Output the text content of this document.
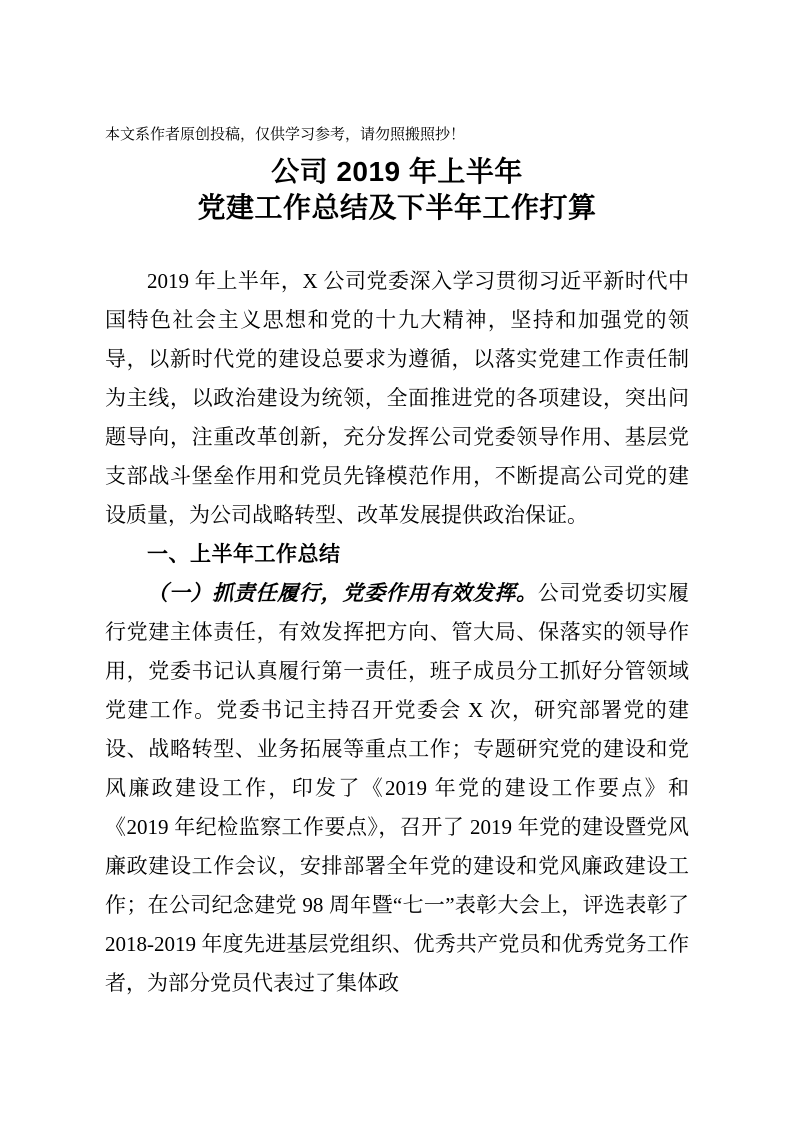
本文系作者原创投稿，仅供学习参考，请勿照搬照抄！

公司 2019 年上半年
党建工作总结及下半年工作打算

2019 年上半年，X 公司党委深入学习贯彻习近平新时代中国特色社会主义思想和党的十九大精神，坚持和加强党的领导，以新时代党的建设总要求为遵循，以落实党建工作责任制为主线，以政治建设为统领，全面推进党的各项建设，突出问题导向，注重改革创新，充分发挥公司党委领导作用、基层党支部战斗堡垒作用和党员先锋模范作用，不断提高公司党的建设质量，为公司战略转型、改革发展提供政治保证。

一、上半年工作总结

（一）抓责任履行，党委作用有效发挥。公司党委切实履行党建主体责任，有效发挥把方向、管大局、保落实的领导作用，党委书记认真履行第一责任，班子成员分工抓好分管领域党建工作。党委书记主持召开党委会 X 次，研究部署党的建设、战略转型、业务拓展等重点工作；专题研究党的建设和党风廉政建设工作，印发了《2019 年党的建设工作要点》和《2019 年纪检监察工作要点》，召开了 2019 年党的建设暨党风廉政建设工作会议，安排部署全年党的建设和党风廉政建设工作；在公司纪念建党 98 周年暨“七一”表彰大会上，评选表彰了 2018-2019 年度先进基层党组织、优秀共产党员和优秀党务工作者，为部分党员代表过了集体政
